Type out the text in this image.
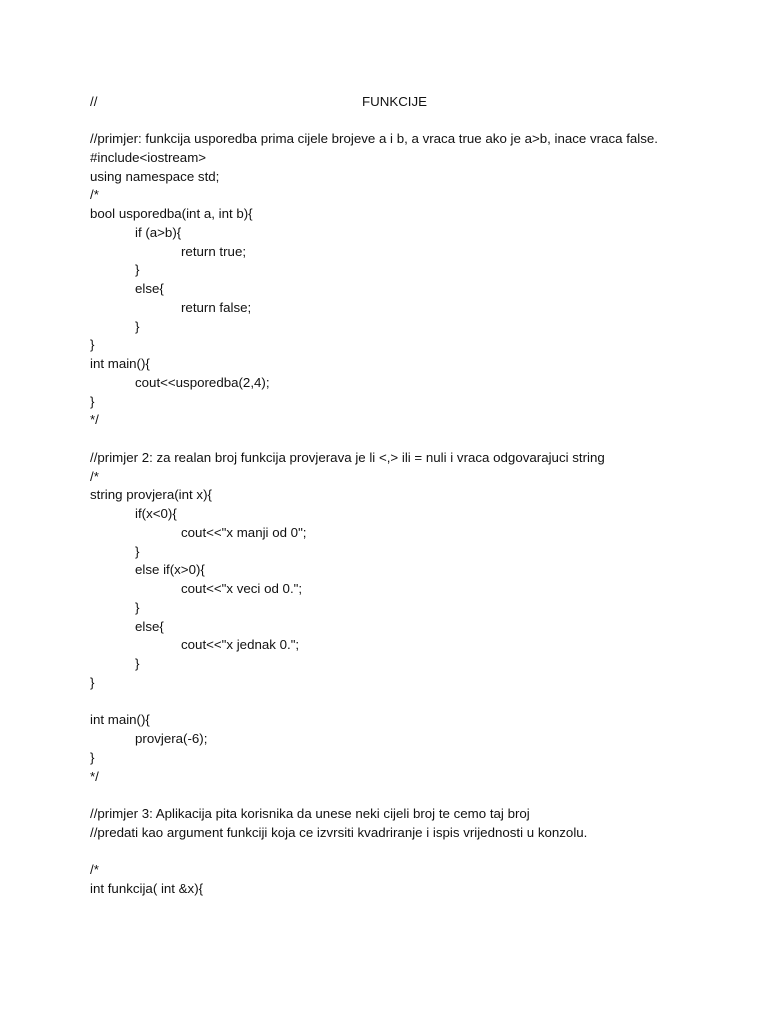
//	FUNKCIJE
//primjer: funkcija usporedba prima cijele brojeve a i b, a vraca true ako je a>b, inace vraca false.
#include<iostream>
using namespace std;
/*
bool usporedba(int a, int b){
if (a>b){
return true;
}
else{
return false;
}
}
int main(){
cout<<usporedba(2,4);
}
*/
//primjer 2: za realan broj funkcija provjerava je li <,> ili = nuli i vraca odgovarajuci string
/*
string provjera(int x){
if(x<0){
cout<<"x manji od 0";
}
else if(x>0){
cout<<"x veci od 0.";
}
else{
cout<<"x jednak 0.";
}
}
int main(){
provjera(-6);
}
*/
//primjer 3: Aplikacija pita korisnika da unese neki cijeli broj te cemo taj broj
//predati kao argument funkciji koja ce izvrsiti kvadriranje i ispis vrijednosti u konzolu.
/*
int funkcija( int &x){
